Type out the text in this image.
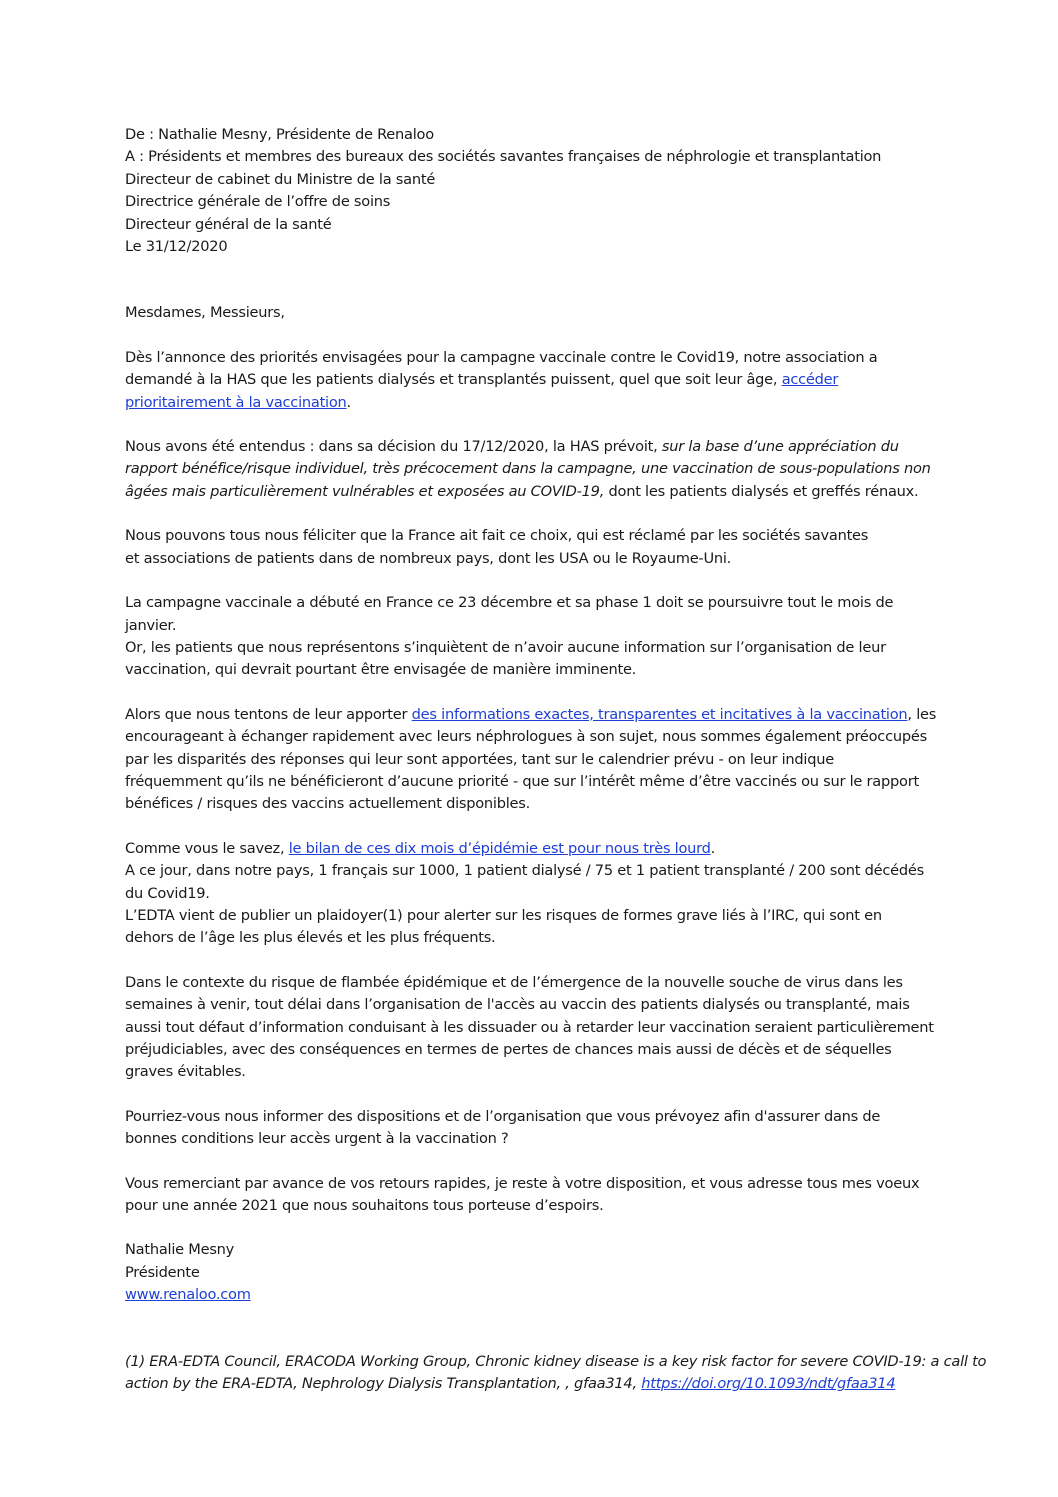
De : Nathalie Mesny, Présidente de Renaloo
A : Présidents et membres des bureaux des sociétés savantes françaises de néphrologie et transplantation
Directeur de cabinet du Ministre de la santé
Directrice générale de l’offre de soins
Directeur général de la santé
Le 31/12/2020
Mesdames, Messieurs,
Dès l’annonce des priorités envisagées pour la campagne vaccinale contre le Covid19, notre association a
demandé à la HAS que les patients dialysés et transplantés puissent, quel que soit leur âge, accéder
prioritairement à la vaccination.
Nous avons été entendus : dans sa décision du 17/12/2020, la HAS prévoit, sur la base d’une appréciation du
rapport bénéfice/risque individuel, très précocement dans la campagne, une vaccination de sous-populations non
âgées mais particulièrement vulnérables et exposées au COVID-19, dont les patients dialysés et greffés rénaux.
Nous pouvons tous nous féliciter que la France ait fait ce choix, qui est réclamé par les sociétés savantes
et associations de patients dans de nombreux pays, dont les USA ou le Royaume-Uni.
La campagne vaccinale a débuté en France ce 23 décembre et sa phase 1 doit se poursuivre tout le mois de
janvier.
Or, les patients que nous représentons s’inquiètent de n’avoir aucune information sur l’organisation de leur
vaccination, qui devrait pourtant être envisagée de manière imminente.
Alors que nous tentons de leur apporter des informations exactes, transparentes et incitatives à la vaccination, les
encourageant à échanger rapidement avec leurs néphrologues à son sujet, nous sommes également préoccupés
par les disparités des réponses qui leur sont apportées, tant sur le calendrier prévu - on leur indique
fréquemment qu’ils ne bénéficieront d’aucune priorité - que sur l’intérêt même d’être vaccinés ou sur le rapport
bénéfices / risques des vaccins actuellement disponibles.
Comme vous le savez, le bilan de ces dix mois d’épidémie est pour nous très lourd.
A ce jour, dans notre pays, 1 français sur 1000, 1 patient dialysé / 75 et 1 patient transplanté / 200 sont décédés
du Covid19.
L’EDTA vient de publier un plaidoyer(1) pour alerter sur les risques de formes grave liés à l’IRC, qui sont en
dehors de l’âge les plus élevés et les plus fréquents.
Dans le contexte du risque de flambée épidémique et de l’émergence de la nouvelle souche de virus dans les
semaines à venir, tout délai dans l’organisation de l'accès au vaccin des patients dialysés ou transplanté, mais
aussi tout défaut d’information conduisant à les dissuader ou à retarder leur vaccination seraient particulièrement
préjudiciables, avec des conséquences en termes de pertes de chances mais aussi de décès et de séquelles
graves évitables.
Pourriez-vous nous informer des dispositions et de l’organisation que vous prévoyez afin d'assurer dans de
bonnes conditions leur accès urgent à la vaccination ?
Vous remerciant par avance de vos retours rapides, je reste à votre disposition, et vous adresse tous mes voeux
pour une année 2021 que nous souhaitons tous porteuse d’espoirs.
Nathalie Mesny
Présidente
www.renaloo.com
(1) ERA-EDTA Council, ERACODA Working Group, Chronic kidney disease is a key risk factor for severe COVID-19: a call to
action by the ERA-EDTA, Nephrology Dialysis Transplantation, , gfaa314, https://doi.org/10.1093/ndt/gfaa314
